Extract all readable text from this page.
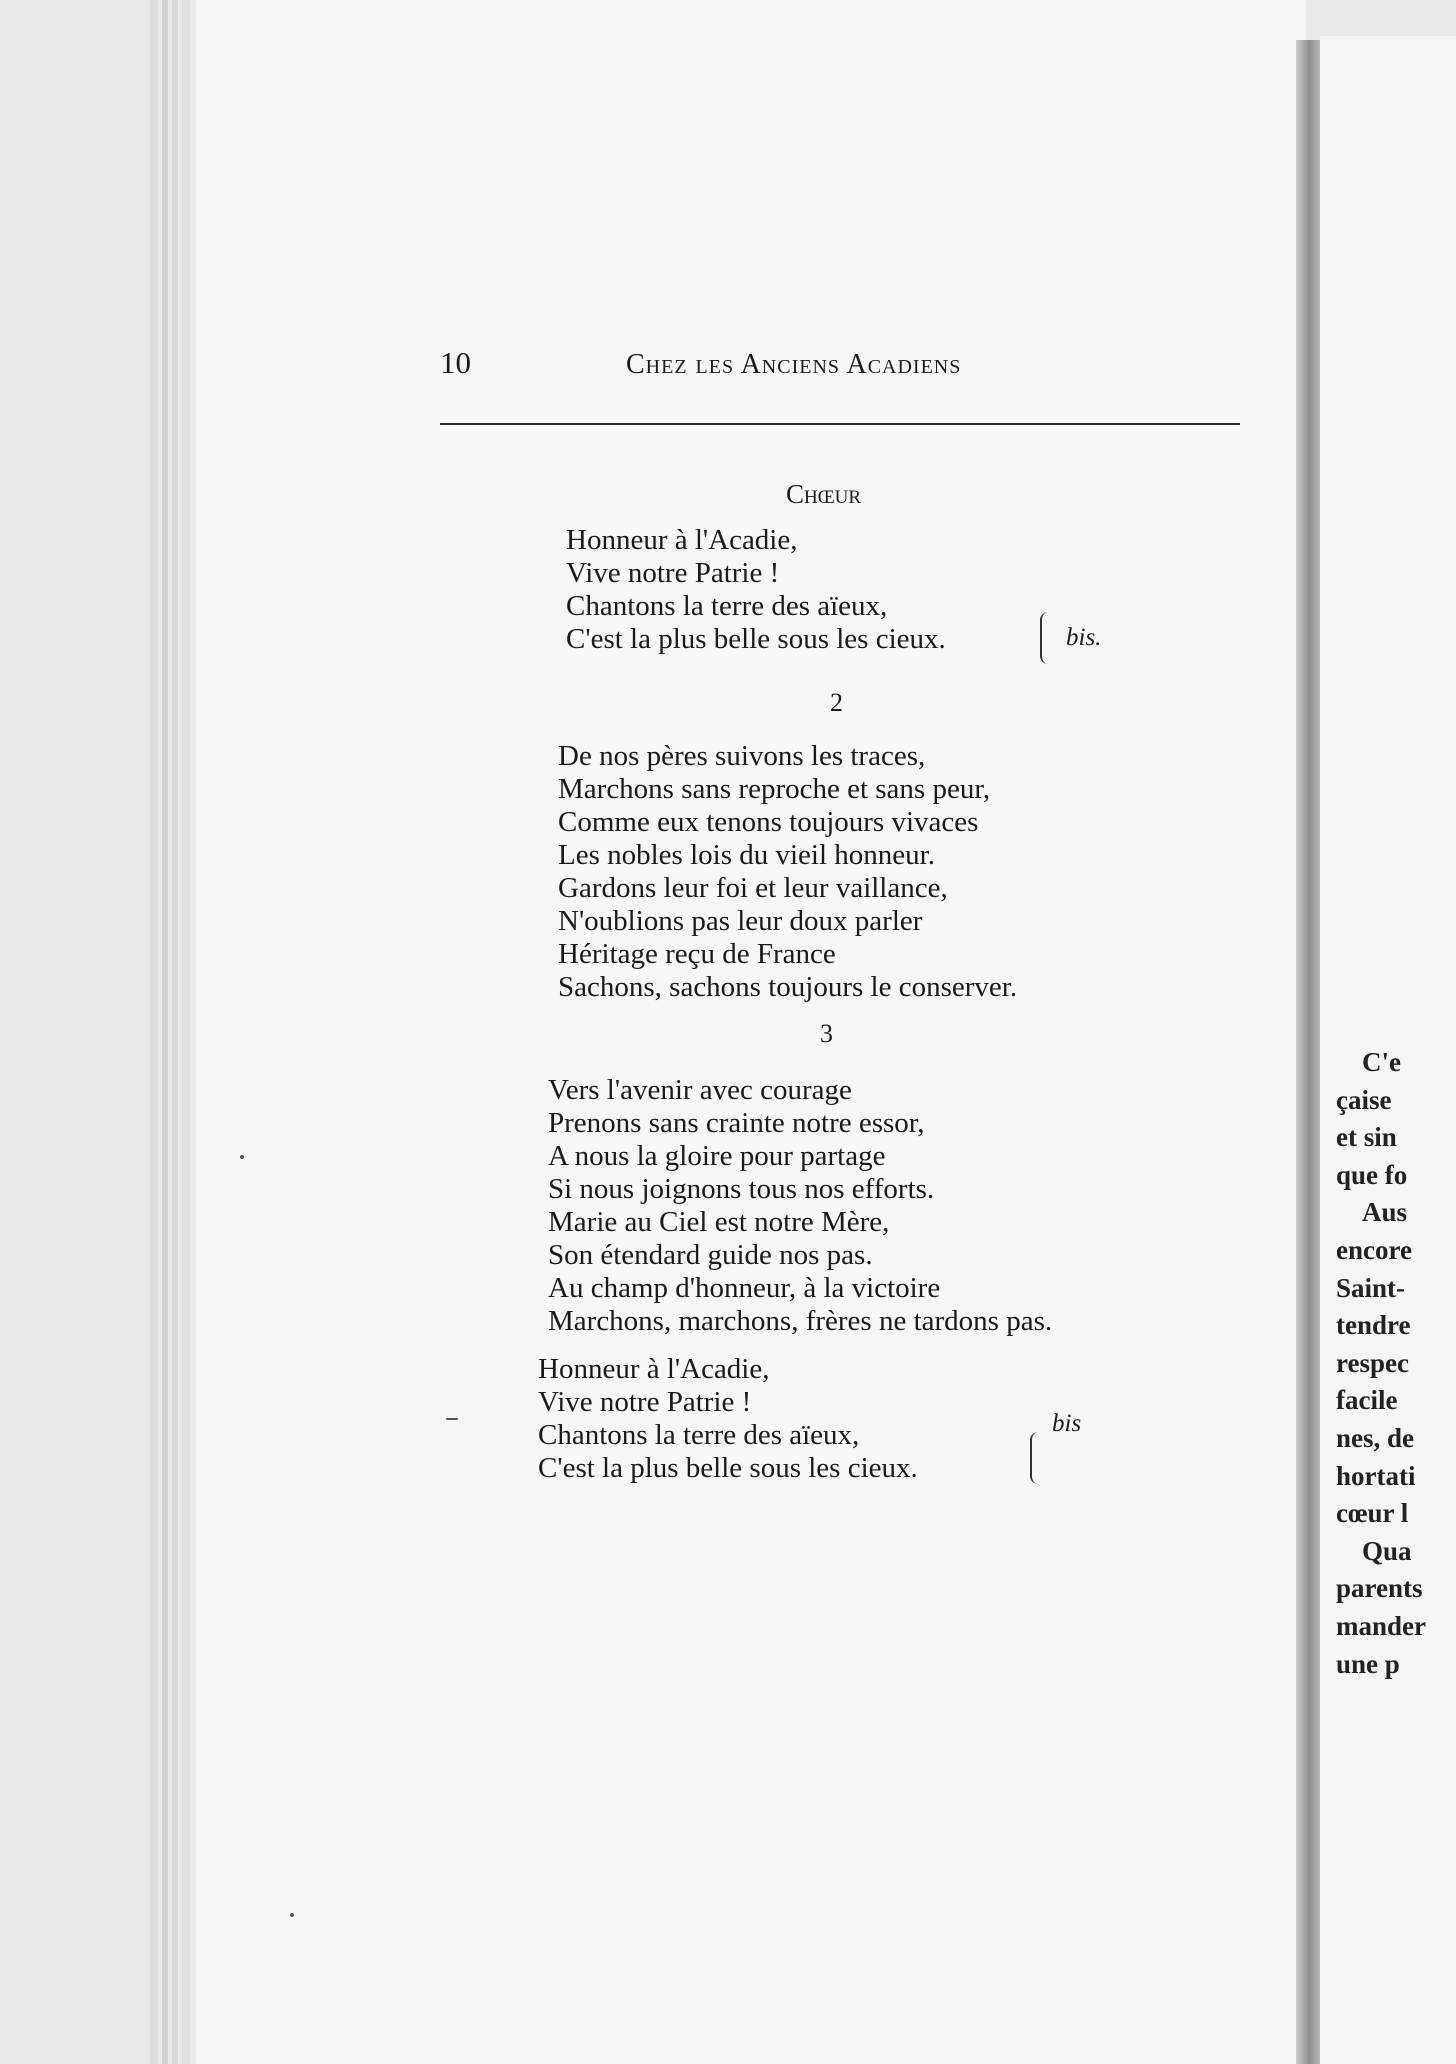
10	Chez les Anciens Acadiens
Chœur
Honneur à l'Acadie,
Vive notre Patrie !
Chantons la terre des aïeux,
C'est la plus belle sous les cieux.	bis.
2
De nos pères suivons les traces,
Marchons sans reproche et sans peur,
Comme eux tenons toujours vivaces
Les nobles lois du vieil honneur.
Gardons leur foi et leur vaillance,
N'oublions pas leur doux parler
Héritage reçu de France
Sachons, sachons toujours le conserver.
3
Vers l'avenir avec courage
Prenons sans crainte notre essor,
A nous la gloire pour partage
Si nous joignons tous nos efforts.
Marie au Ciel est notre Mère,
Son étendard guide nos pas.
Au champ d'honneur, à la victoire
Marchons, marchons, frères ne tardons pas.
Honneur à l'Acadie,
Vive notre Patrie !
Chantons la terre des aïeux,
C'est la plus belle sous les cieux.
bis
C'e
çaise
et sin
que fo
Aus
encore
Saint-
tendre
respec
facile
nes, de
hortati
cœur l
Qua
parents
mander
une p
